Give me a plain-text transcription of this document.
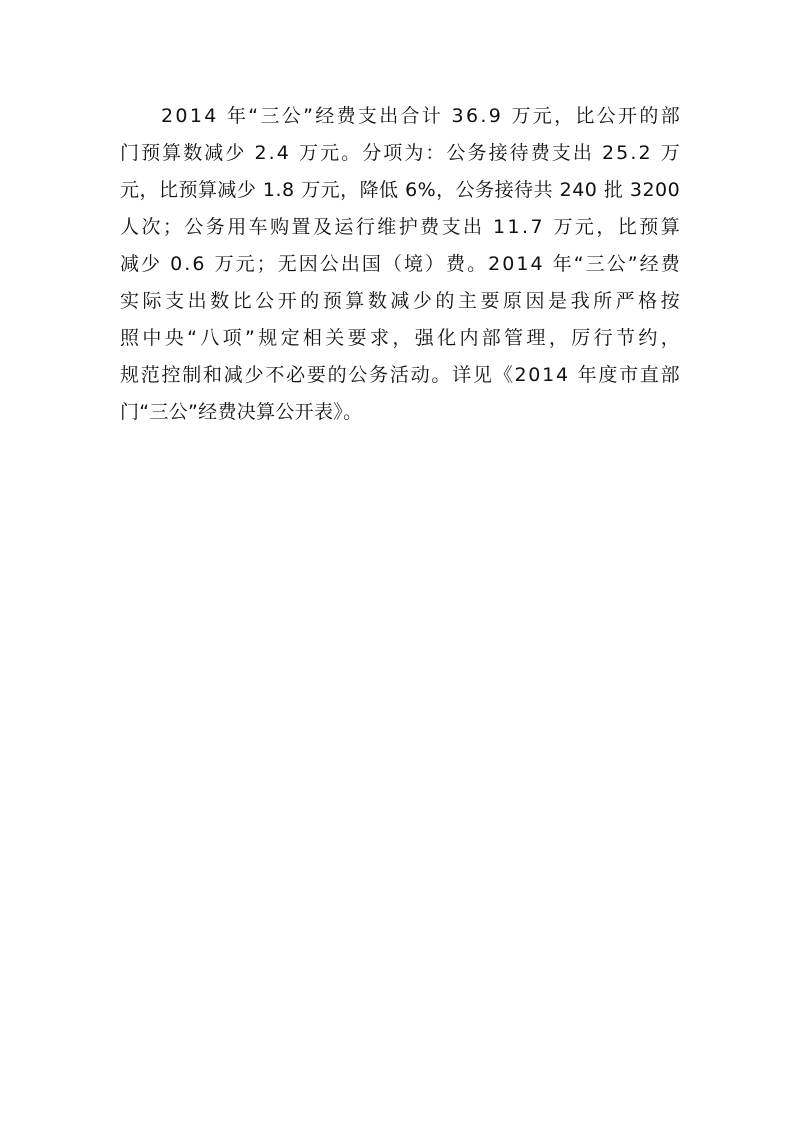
2014 年“三公”经费支出合计 36.9 万元，比公开的部
门预算数减少 2.4 万元。分项为：公务接待费支出 25.2 万
元，比预算减少 1.8 万元，降低 6%，公务接待共 240 批 3200
人次；公务用车购置及运行维护费支出 11.7 万元，比预算
减少 0.6 万元；无因公出国（境）费。2014 年“三公”经费
实际支出数比公开的预算数减少的主要原因是我所严格按
照中央“八项”规定相关要求，强化内部管理，厉行节约，
规范控制和减少不必要的公务活动。详见《2014 年度市直部
门“三公”经费决算公开表》。
